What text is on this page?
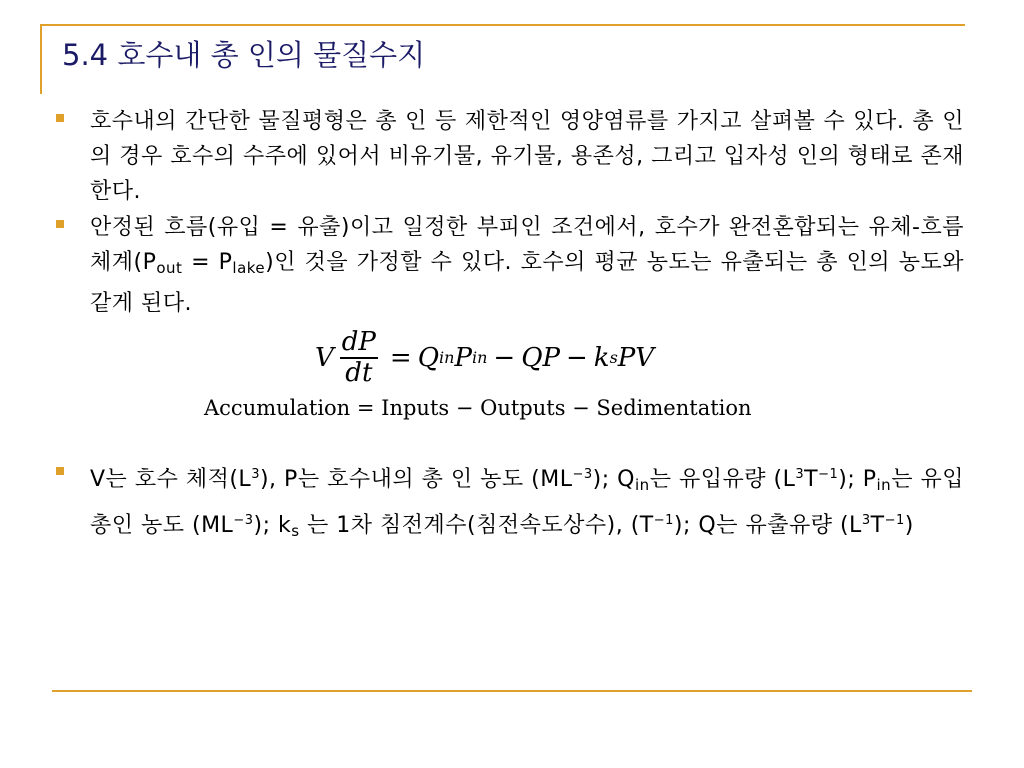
5.4 호수내 총 인의 물질수지
호수내의 간단한 물질평형은 총 인 등 제한적인 영양염류를 가지고 살펴볼 수 있다. 총 인의 경우 호수의 수주에 있어서 비유기물, 유기물, 용존성, 그리고 입자성 인의 형태로 존재한다.
안정된 흐름(유입 = 유출)이고 일정한 부피인 조건에서, 호수가 완전혼합되는 유체-흐름 체계$(P_{out} = P_{lake})$인 것을 가정할 수 있다. 호수의 평균 농도는 유출되는 총 인의 농도와 같게 된다.
V $\frac{dP}{dt} = Q$ in P in − QP − k s PV
Accumulation = Inputs − Outputs − Sedimentation
V는 호수 체적$(L^3)$, P는 호수내의 총 인 농도 $(ML^{-3})$; $Q_{in}$는 유입유량 $(L^3T^{-1})$; $P_{in}$는 유입 총인 농도 $(ML^{-3})$; $k_s$ 는 1차 침전계수(침전속도상수), $(T^{-1})$; Q는 유출유량 $(L^3T^{-1})$
